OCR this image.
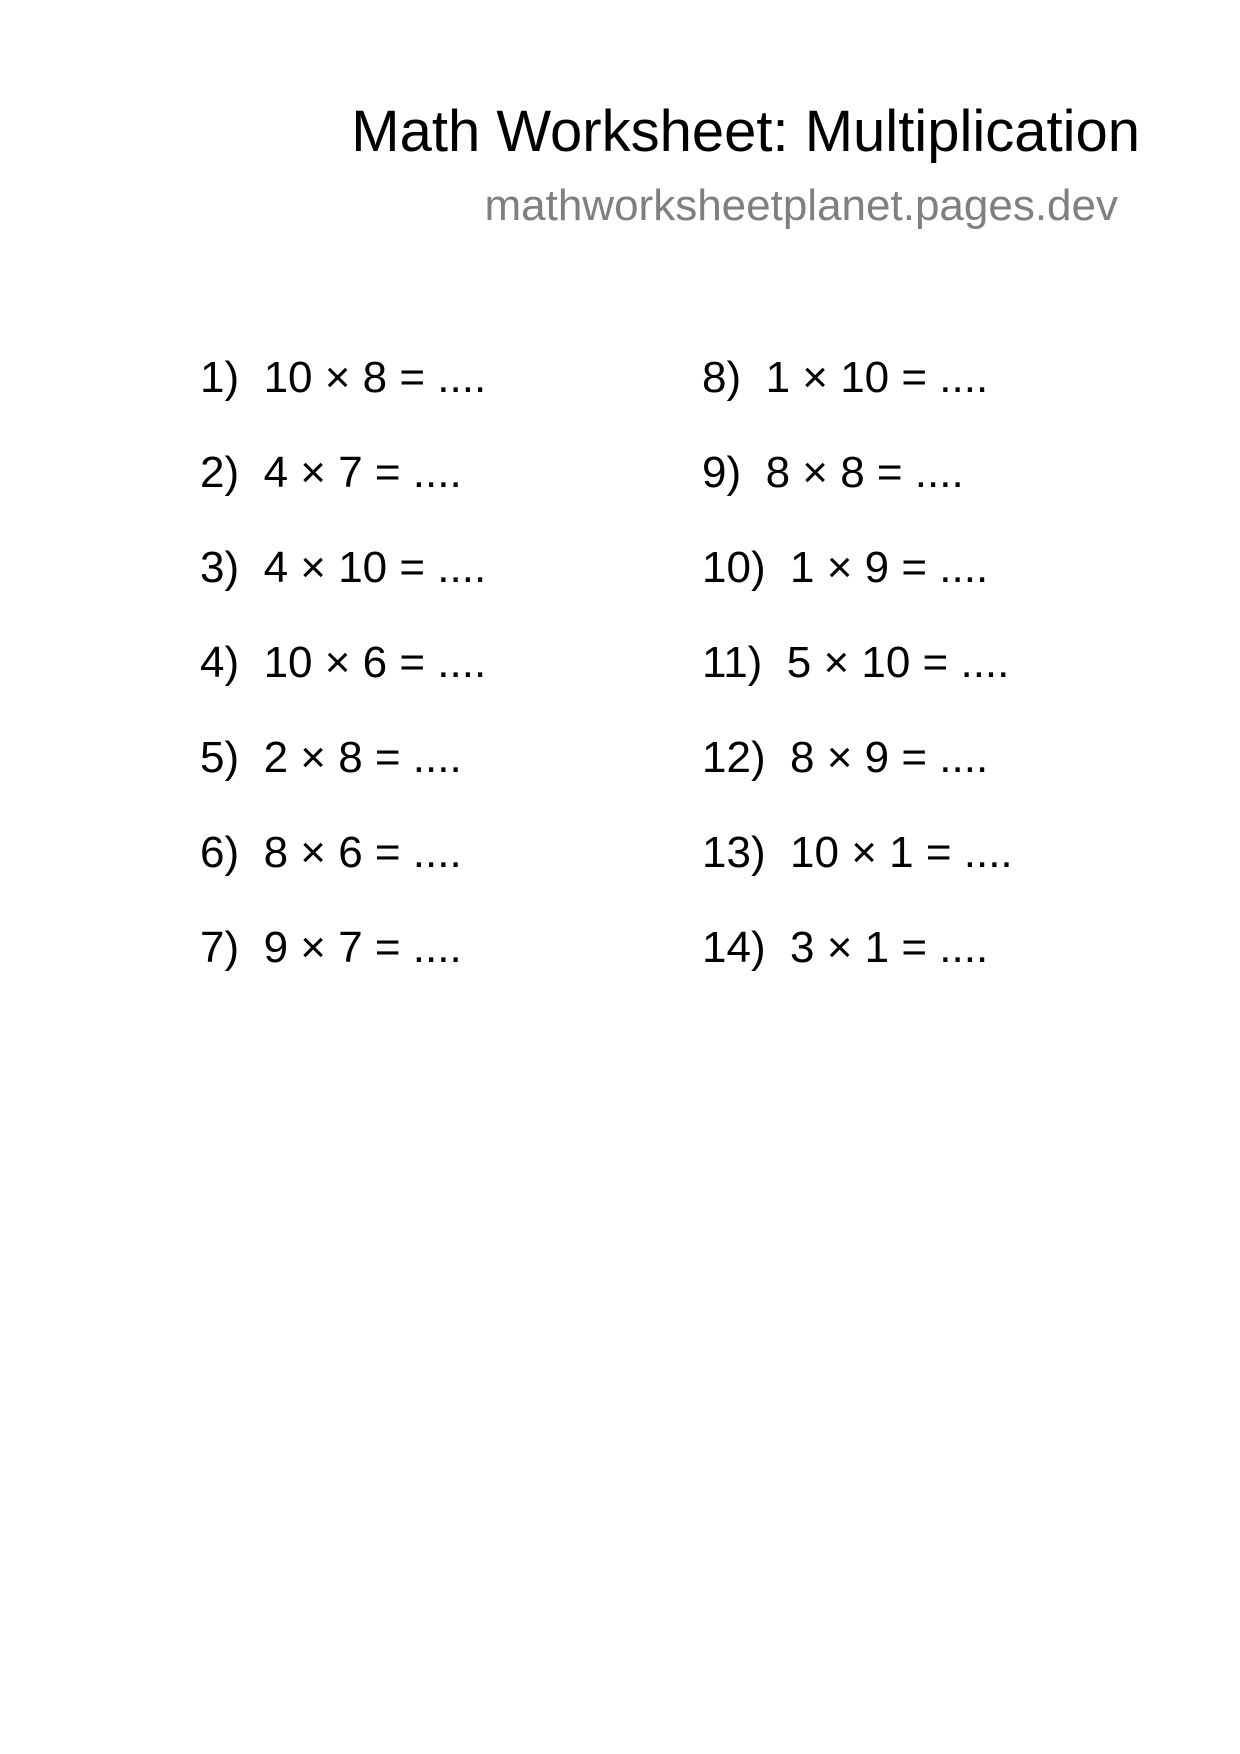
Math Worksheet: Multiplication
mathworksheetplanet.pages.dev
1)  10 × 8 = ....
2)  4 × 7 = ....
3)  4 × 10 = ....
4)  10 × 6 = ....
5)  2 × 8 = ....
6)  8 × 6 = ....
7)  9 × 7 = ....
8)  1 × 10 = ....
9)  8 × 8 = ....
10)  1 × 9 = ....
11)  5 × 10 = ....
12)  8 × 9 = ....
13)  10 × 1 = ....
14)  3 × 1 = ....
